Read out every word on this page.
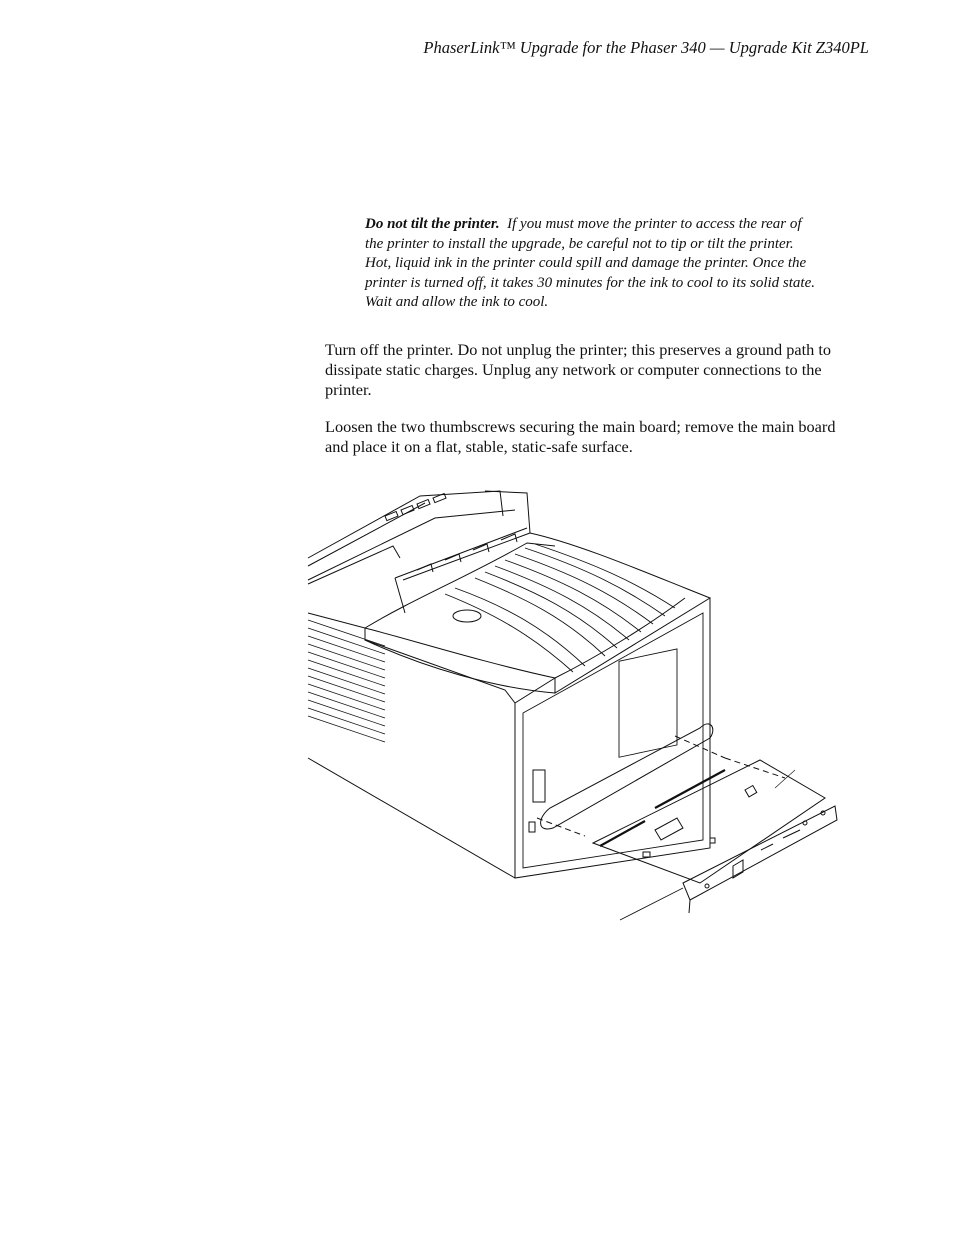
PhaserLink™ Upgrade for the Phaser 340 — Upgrade Kit Z340PL
Do not tilt the printer. If you must move the printer to access the rear of the printer to install the upgrade, be careful not to tip or tilt the printer. Hot, liquid ink in the printer could spill and damage the printer. Once the printer is turned off, it takes 30 minutes for the ink to cool to its solid state. Wait and allow the ink to cool.
Turn off the printer. Do not unplug the printer; this preserves a ground path to dissipate static charges. Unplug any network or computer connections to the printer.
Loosen the two thumbscrews securing the main board; remove the main board and place it on a flat, stable, static-safe surface.
